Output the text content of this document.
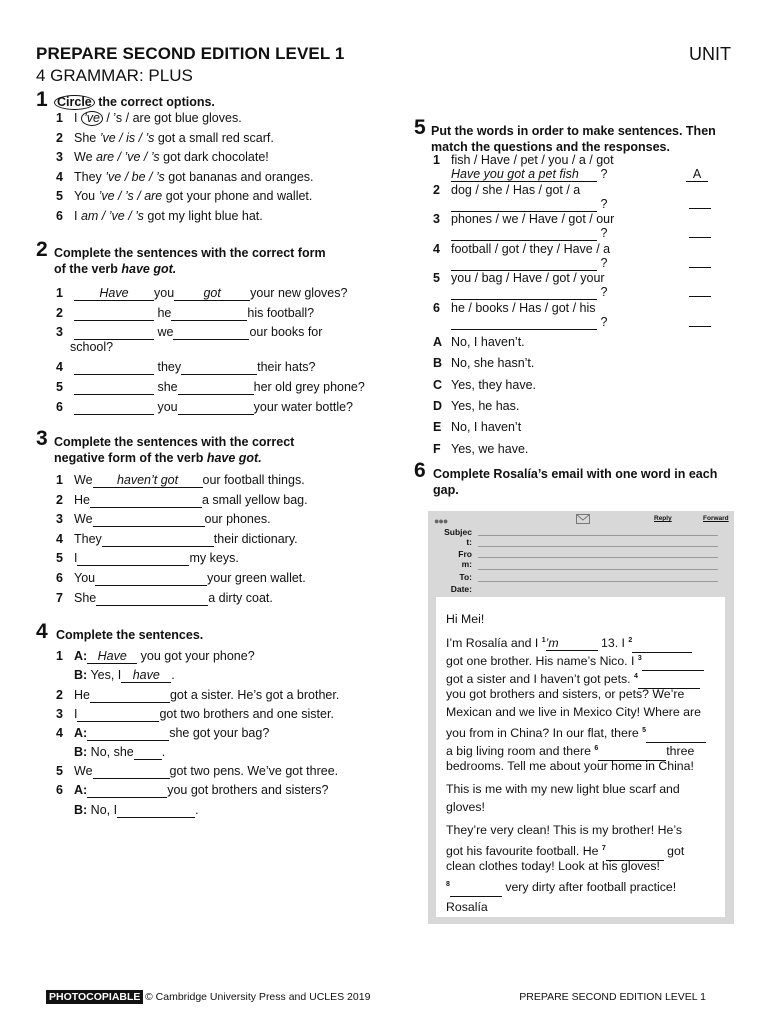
PREPARE SECOND EDITION LEVEL 1
4 GRAMMAR: PLUS
UNIT
1 Circle the correct options.
1 I ’ve / ’s / are got blue gloves.
2 She ’ve / is / ’s got a small red scarf.
3 We are / ’ve / ’s got dark chocolate!
4 They ’ve / be / ’s got bananas and oranges.
5 You ’ve / ’s / are got your phone and wallet.
6 I am / ’ve / ’s got my light blue hat.
2 Complete the sentences with the correct form
of the verb have got.
1	Have you got your new gloves?
2	he	his football?
3	we	our books for
school?
4	they	their hats?
5	she	her old grey phone?
6	you	your water bottle?
3 Complete the sentences with the correct
negative form of the verb have got.
1 We haven’t got our football things.
2 He	a small yellow bag.
3 We	our phones.
4 They	their dictionary.
5 I	my keys.
6 You	your green wallet.
7 She	a dirty coat.
4 Complete the sentences.
1 A: Have you got your phone?
B: Yes, I have .
2 He	got a sister. He’s got a brother.
3 I	got two brothers and one sister.
4 A:	she got your bag?
B: No, she .
5 We	got two pens. We’ve got three.
6 A:	you got brothers and sisters?
B: No, I	.
5 Put the words in order to make sentences. Then
match the questions and the responses.
1 fish / Have / pet / you / a / got
Have you got a pet fish ?	A
2 dog / she / Has / got / a
?
3 phones / we / Have / got / our
?
4 football / got / they / Have / a
?
5 you / bag / Have / got / your
?
6 he / books / Has / got / his
?
A No, I haven’t.
B No, she hasn’t.
C Yes, they have.
D Yes, he has.
E No, I haven’t
F Yes, we have.
6 Complete Rosalía’s email with one word in each
gap.
●●●	Reply	Forward
Subjec
t:
Fro
m:
To:
Date:
Hi Mei!
I’m Rosalía and I $^1$’m	13. I $^2$
got one brother. His name’s Nico. I $^3$
got a sister and I haven’t got pets. $^4$
you got brothers and sisters, or pets? We’re
Mexican and we live in Mexico City! Where are
you from in China? In our flat, there $^5$
a big living room and there $^6$	three
bedrooms. Tell me about your home in China!
This is me with my new light blue scarf and
gloves!
They’re very clean! This is my brother! He’s
got his favourite football. He $^7$	got
clean clothes today! Look at his gloves!
$^8$	very dirty after football practice!
Rosalía
PHOTOCOPIABLE © Cambridge University Press and UCLES 2019	PREPARE SECOND EDITION LEVEL 1
